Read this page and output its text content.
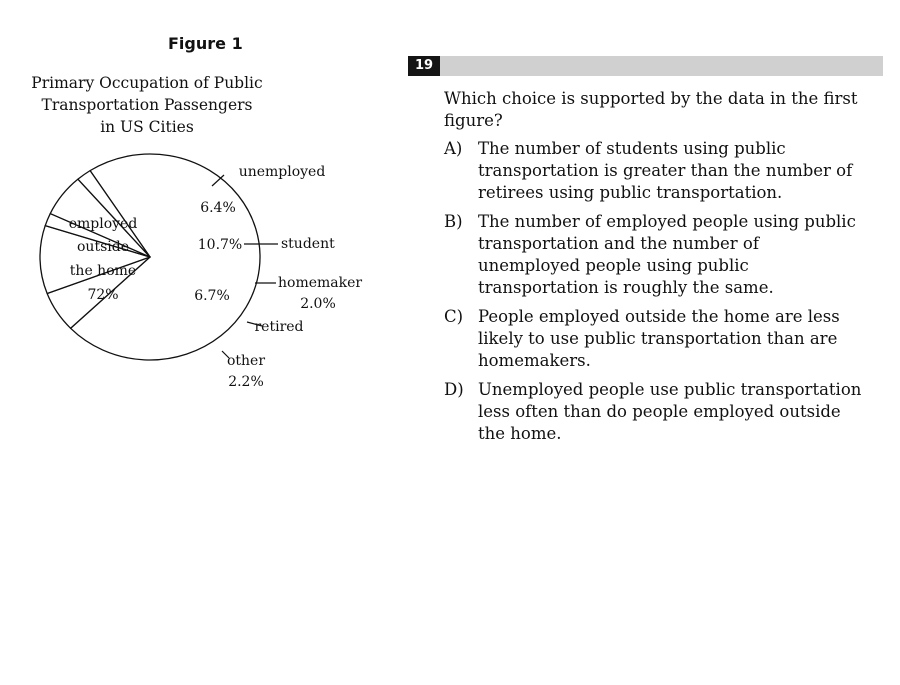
Figure 1
Primary Occupation of Public
Transportation Passengers
in US Cities
employed
outside
the home
72%
unemployed
6.4%
student
10.7%
homemaker
2.0%
retired
6.7%
other
2.2%
19

Which choice is supported by the data in the first figure?

A) The number of students using public transportation is greater than the number of retirees using public transportation.
B) The number of employed people using public transportation and the number of unemployed people using public transportation is roughly the same.
C) People employed outside the home are less likely to use public transportation than are homemakers.
D) Unemployed people use public transportation less often than do people employed outside the home.
